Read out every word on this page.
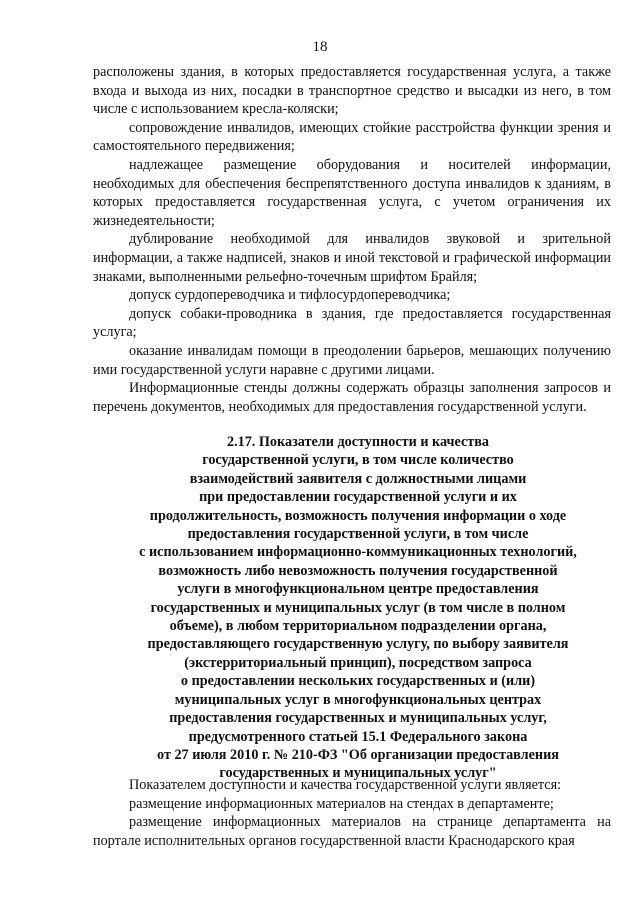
18

расположены здания, в которых предоставляется государственная услуга, а также входа и выхода из них, посадки в транспортное средство и высадки из него, в том числе с использованием кресла-коляски;

сопровождение инвалидов, имеющих стойкие расстройства функции зрения и самостоятельного передвижения;

надлежащее размещение оборудования и носителей информации, необходимых для обеспечения беспрепятственного доступа инвалидов к зданиям, в которых предоставляется государственная услуга, с учетом ограничения их жизнедеятельности;

дублирование необходимой для инвалидов звуковой и зрительной информации, а также надписей, знаков и иной текстовой и графической информации знаками, выполненными рельефно-точечным шрифтом Брайля;

допуск сурдопереводчика и тифлосурдопереводчика;

допуск собаки-проводника в здания, где предоставляется государственная услуга;

оказание инвалидам помощи в преодолении барьеров, мешающих получению ими государственной услуги наравне с другими лицами.

Информационные стенды должны содержать образцы заполнения запросов и перечень документов, необходимых для предоставления государственной услуги.

2.17. Показатели доступности и качества
государственной услуги, в том числе количество
взаимодействий заявителя с должностными лицами
при предоставлении государственной услуги и их
продолжительность, возможность получения информации о ходе
предоставления государственной услуги, в том числе
с использованием информационно-коммуникационных технологий,
возможность либо невозможность получения государственной
услуги в многофункциональном центре предоставления
государственных и муниципальных услуг (в том числе в полном
объеме), в любом территориальном подразделении органа,
предоставляющего государственную услугу, по выбору заявителя
(экстерриториальный принцип), посредством запроса
о предоставлении нескольких государственных и (или)
муниципальных услуг в многофункциональных центрах
предоставления государственных и муниципальных услуг,
предусмотренного статьей 15.1 Федерального закона
от 27 июля 2010 г. № 210-ФЗ "Об организации предоставления
государственных и муниципальных услуг"

Показателем доступности и качества государственной услуги является:

размещение информационных материалов на стендах в департаменте;

размещение информационных материалов на странице департамента на портале исполнительных органов государственной власти Краснодарского края
